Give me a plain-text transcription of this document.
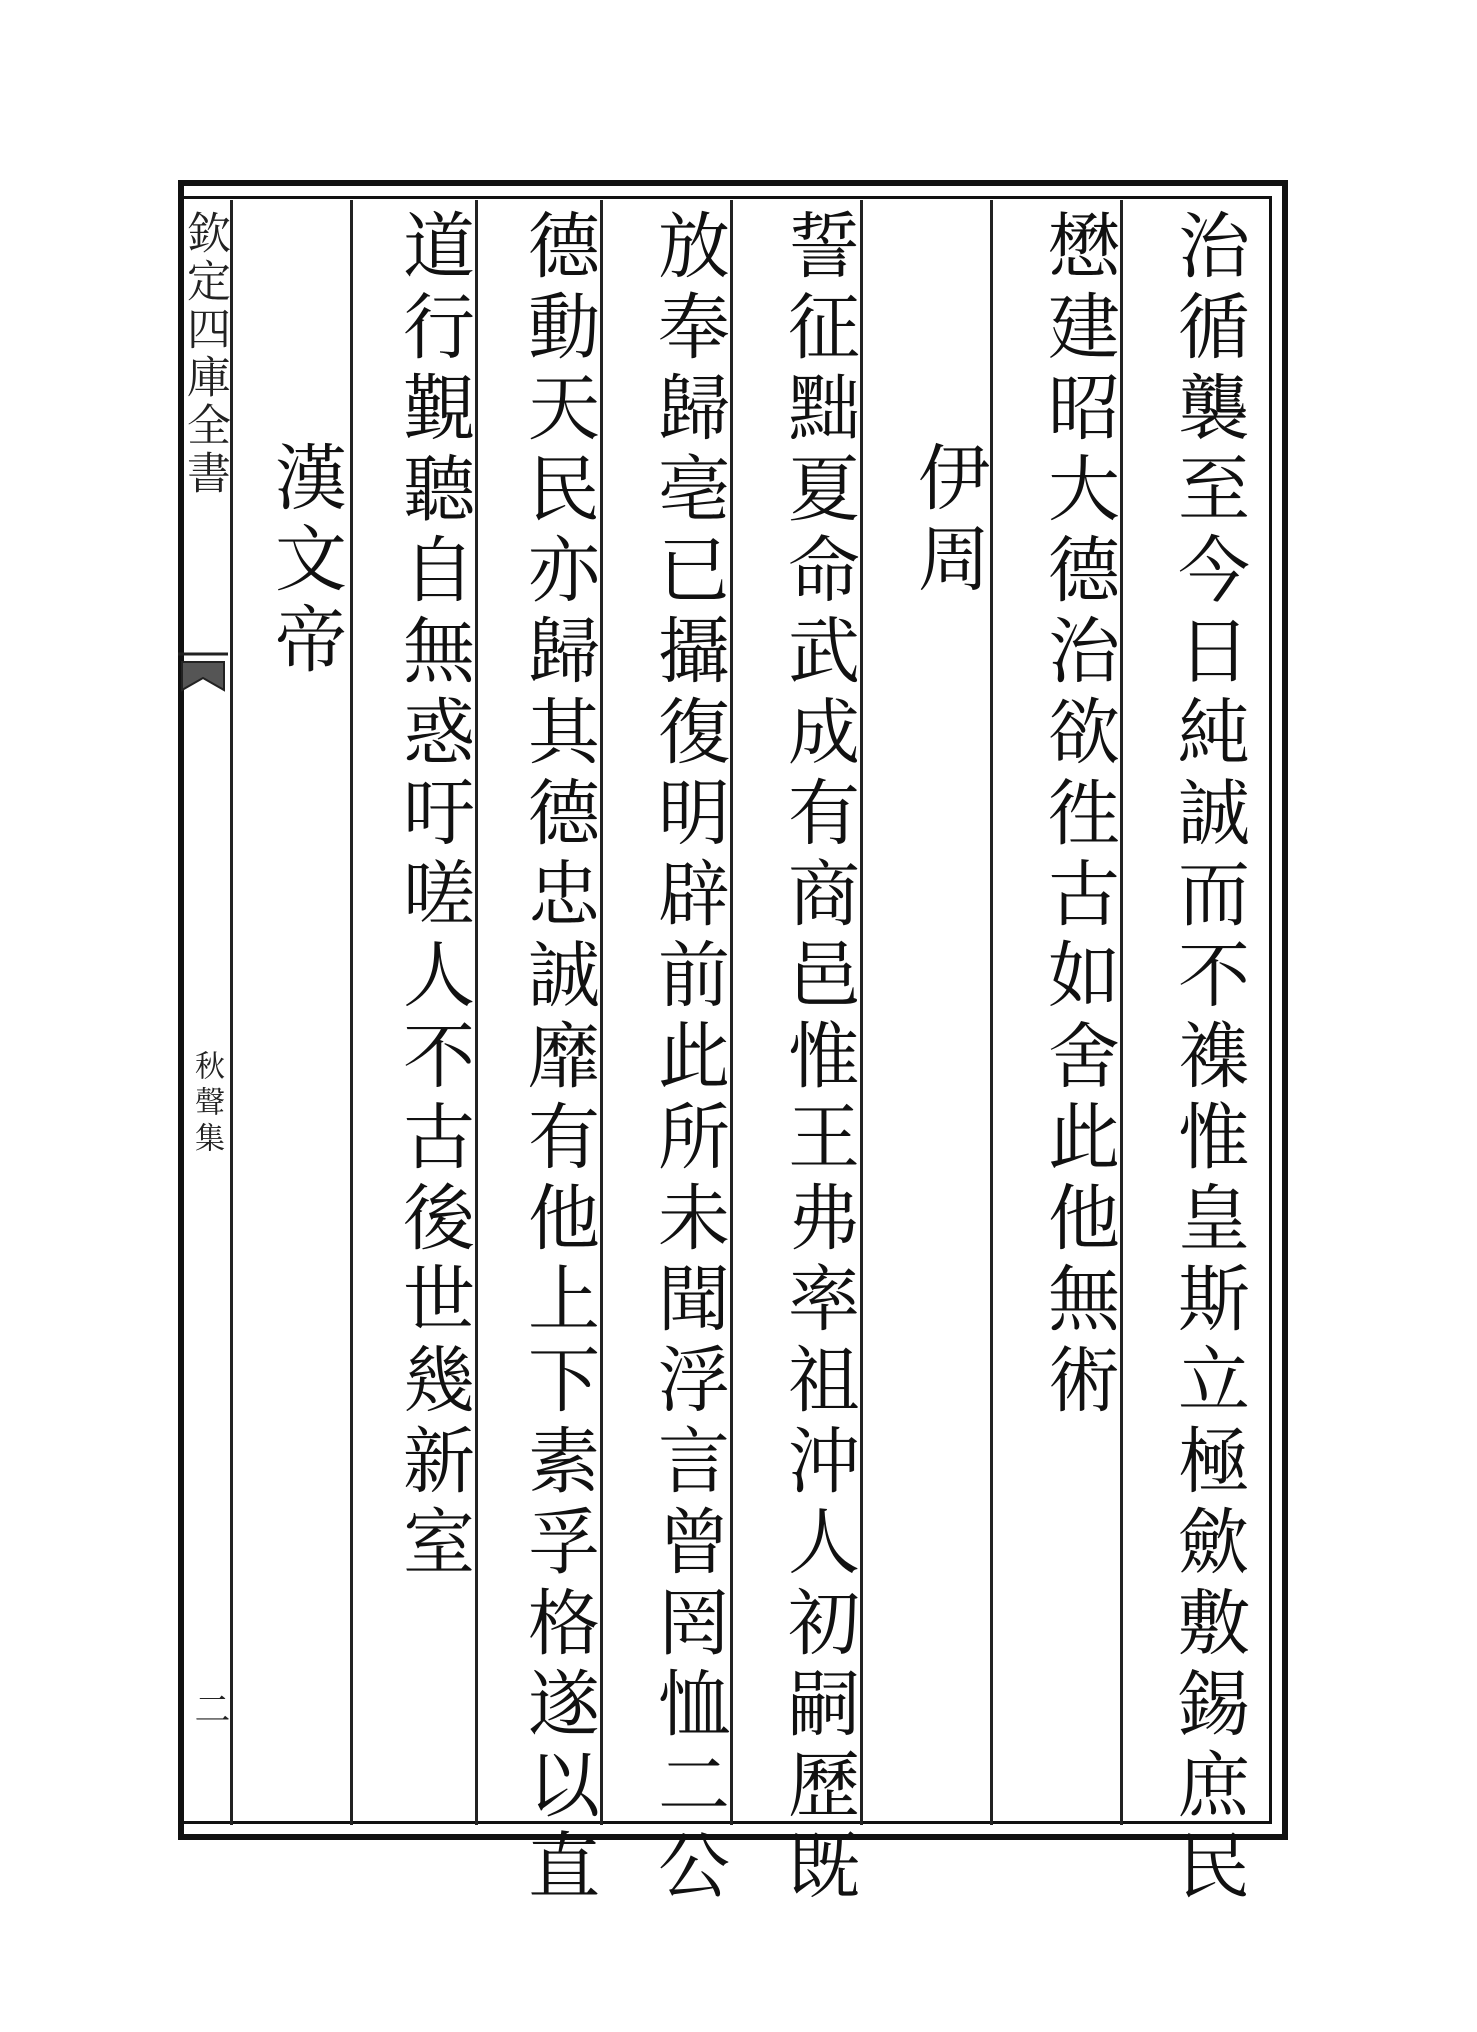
欽定四庫全書
秋聲集
二	治循襲至今日純誠而不襍惟皇斯立極歛敷錫庶民
懋建昭大德治欲徃古如舍此他無術
伊周
誓征黜夏命武成有商邑惟王弗率祖沖人初嗣歷既
放奉歸亳已攝復明辟前此所未聞浮言曾罔恤二公
德動天民亦歸其德忠誠靡有他上下素孚格遂以直
道行覲聽自無惑吁嗟人不古後世幾新室
漢文帝
